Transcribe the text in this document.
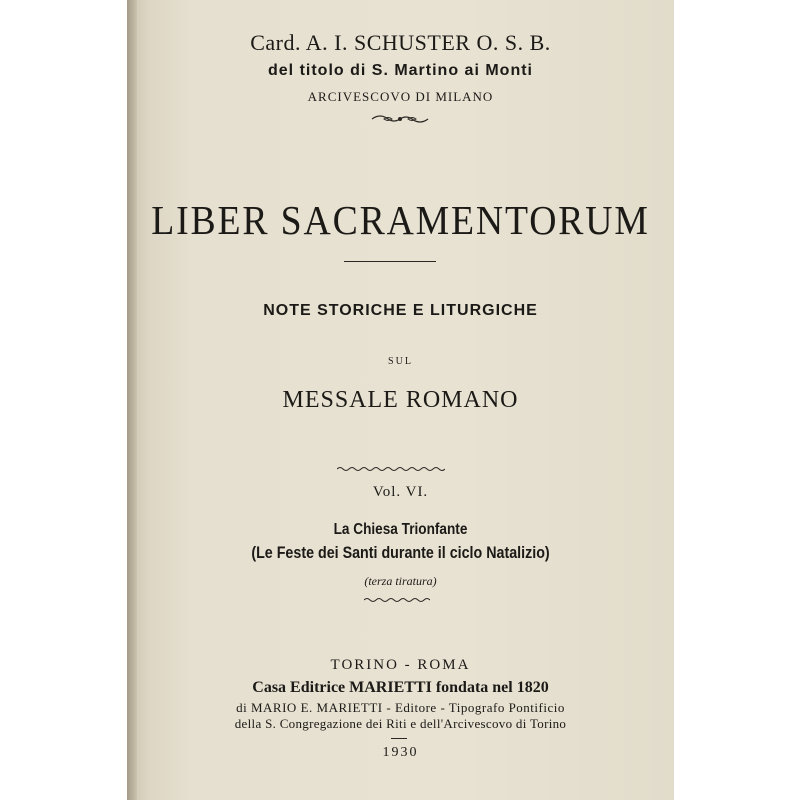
Card. A. I. SCHUSTER O. S. B.
del titolo di S. Martino ai Monti
ARCIVESCOVO DI MILANO
LIBER SACRAMENTORUM
NOTE STORICHE E LITURGICHE
SUL
MESSALE ROMANO
Vol. VI.
La Chiesa Trionfante
(Le Feste dei Santi durante il ciclo Natalizio)
(terza tiratura)
TORINO - ROMA
Casa Editrice MARIETTI fondata nel 1820
di MARIO E. MARIETTI - Editore - Tipografo Pontificio
della S. Congregazione dei Riti e dell'Arcivescovo di Torino
1930
